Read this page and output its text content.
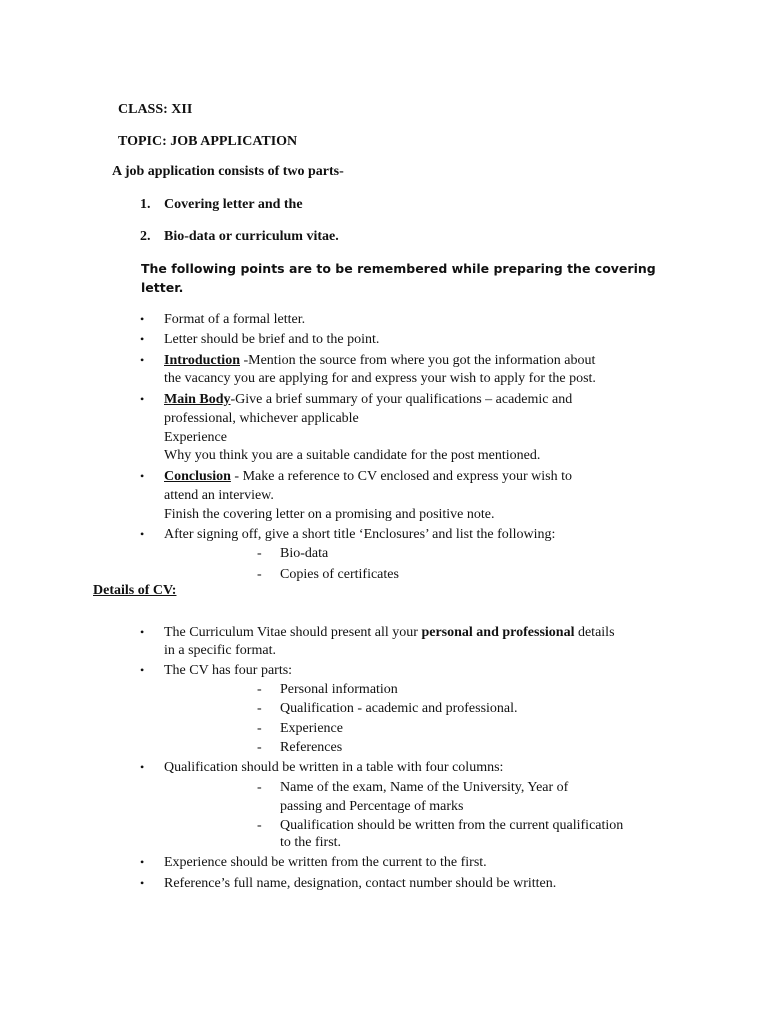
CLASS: XII
TOPIC: JOB APPLICATION
A job application consists of two parts-
1. Covering letter and the
2. Bio-data or curriculum vitae.
The following points are to be remembered while preparing the covering
letter.
• Format of a formal letter.
• Letter should be brief and to the point.
• Introduction -Mention the source from where you got the information about
the vacancy you are applying for and express your wish to apply for the post.
• Main Body-Give a brief summary of your qualifications – academic and
professional, whichever applicable
Experience
Why you think you are a suitable candidate for the post mentioned.
• Conclusion - Make a reference to CV enclosed and express your wish to
attend an interview.
Finish the covering letter on a promising and positive note.
• After signing off, give a short title ‘Enclosures’ and list the following:
- Bio-data
- Copies of certificates
Details of CV:
• The Curriculum Vitae should present all your personal and professional details
in a specific format.
• The CV has four parts:
- Personal information
- Qualification - academic and professional.
- Experience
- References
• Qualification should be written in a table with four columns:
- Name of the exam, Name of the University, Year of
passing and Percentage of marks
- Qualification should be written from the current qualification
to the first.
• Experience should be written from the current to the first.
• Reference’s full name, designation, contact number should be written.
